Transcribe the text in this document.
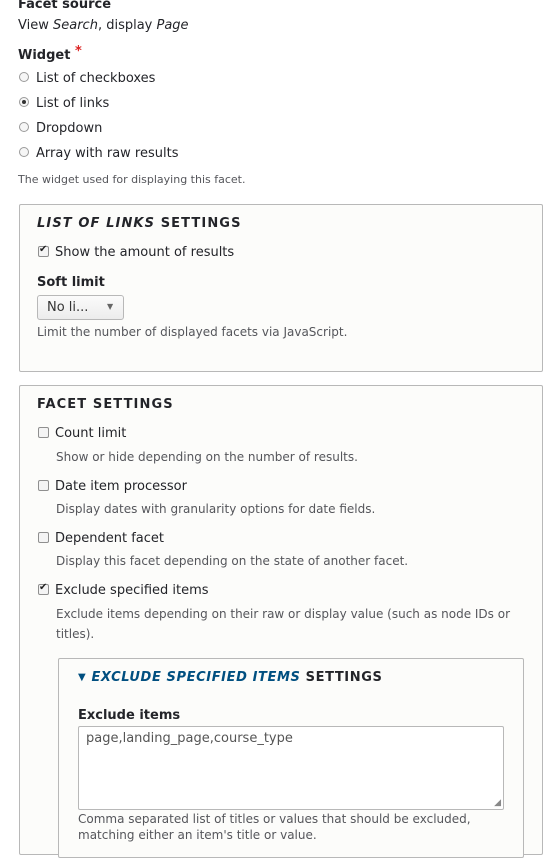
Facet source
View Search, display Page
Widget *
List of checkboxes
List of links
Dropdown
Array with raw results
The widget used for displaying this facet.
LIST OF LINKS SETTINGS
✔
Show the amount of results
Soft limit
No li... ▼
Limit the number of displayed facets via JavaScript.
FACET SETTINGS
Count limit
Show or hide depending on the number of results.
Date item processor
Display dates with granularity options for date fields.
Dependent facet
Display this facet depending on the state of another facet.
✔
Exclude specified items
Exclude items depending on their raw or display value (such as node IDs or
titles).
▼ EXCLUDE SPECIFIED ITEMS SETTINGS
Exclude items
page,landing_page,course_type
◢
Comma separated list of titles or values that should be excluded,
matching either an item's title or value.
